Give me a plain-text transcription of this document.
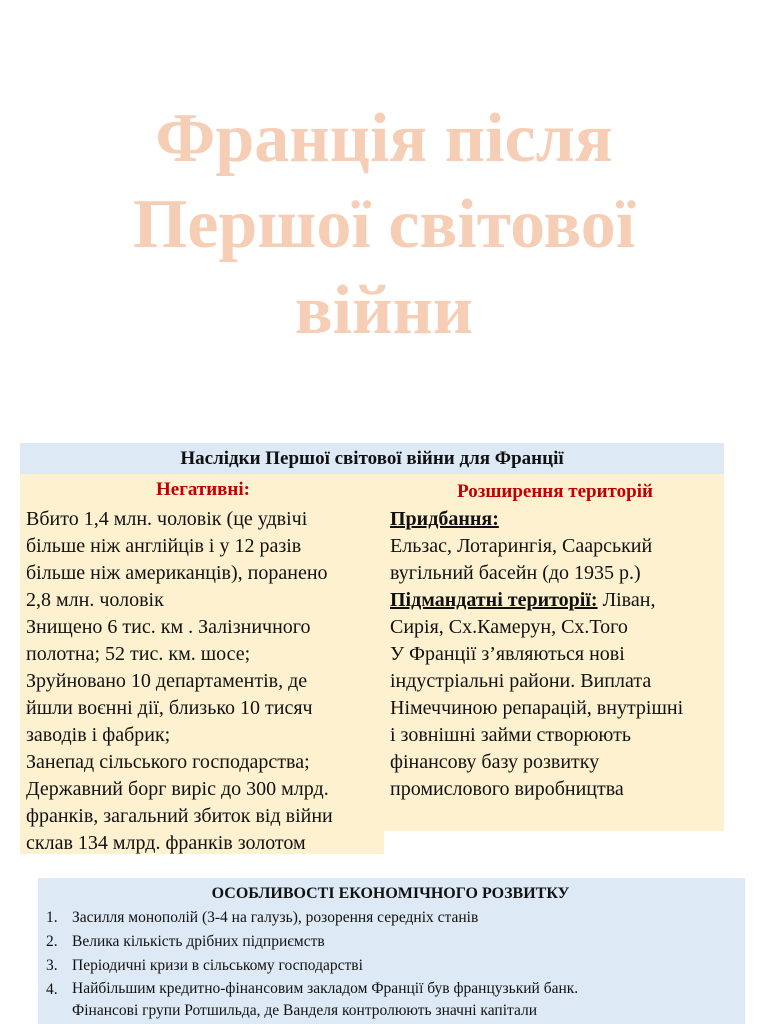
Франція після
Першої світової
війни
Наслідки Першої світової війни для Франції
Негативні:
Вбито 1,4 млн. чоловік (це удвічі
більше ніж англійців і у 12 разів
більше ніж американців), поранено
2,8 млн. чоловік
Знищено 6 тис. км . Залізничного
полотна; 52 тис. км. шосе;
Зруйновано 10 департаментів, де
йшли воєнні дії, близько 10 тисяч
заводів і фабрик;
Занепад сільського господарства;
Державний борг виріс до 300 млрд.
франків, загальний збиток від війни
склав 134 млрд. франків золотом
Розширення територій
Придбання:
Ельзас, Лотарингія, Саарський
вугільний басейн (до 1935 р.)
Підмандатні території: Ліван,
Сирія, Сх.Камерун, Сх.Того
У Франції з’являються нові
індустріальні райони. Виплата
Німеччиною репарацій, внутрішні
і зовнішні займи створюють
фінансову базу розвитку
промислового виробництва
ОСОБЛИВОСТІ ЕКОНОМІЧНОГО РОЗВИТКУ
1. Засилля монополій (3-4 на галузь), розорення середніх станів
2. Велика кількість дрібних підприємств
3. Періодичні кризи в сільському господарстві
4. Найбільшим кредитно-фінансовим закладом Франції був французький банк.
Фінансові групи Ротшильда, де Ванделя контролюють значні капітали
